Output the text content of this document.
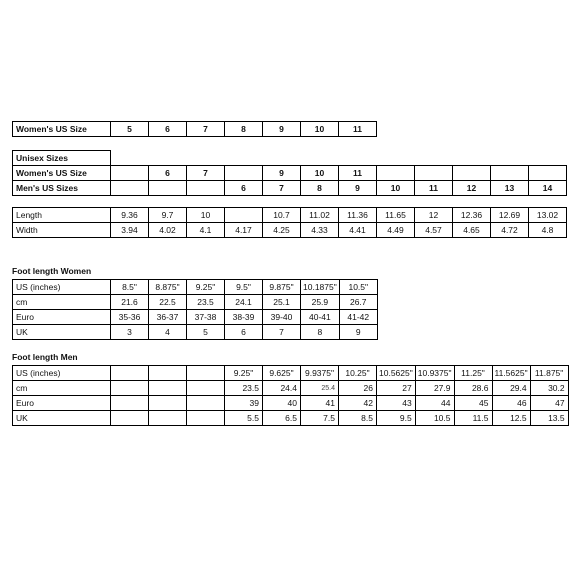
Women's US Size	5	6	7	8	9	10	11
Unisex Sizes												
Women's US Size		6	7		9	10	11					
Men's US Sizes				6	7	8	9	10	11	12	13	14
Length	9.36	9.7	10		10.7	11.02	11.36	11.65	12	12.36	12.69	13.02
Width	3.94	4.02	4.1	4.17	4.25	4.33	4.41	4.49	4.57	4.65	4.72	4.8
Foot length Women
US (inches)	8.5"	8.875"	9.25"	9.5"	9.875"	10.1875"	10.5"
cm	21.6	22.5	23.5	24.1	25.1	25.9	26.7
Euro	35-36	36-37	37-38	38-39	39-40	40-41	41-42
UK	3	4	5	6	7	8	9
Foot length Men
US (inches)				9.25"	9.625"	9.9375"	10.25"	10.5625"	10.9375"	11.25"	11.5625"	11.875"
cm				23.5	24.4	25.4	26	27	27.9	28.6	29.4	30.2
Euro				39	40	41	42	43	44	45	46	47
UK				5.5	6.5	7.5	8.5	9.5	10.5	11.5	12.5	13.5
